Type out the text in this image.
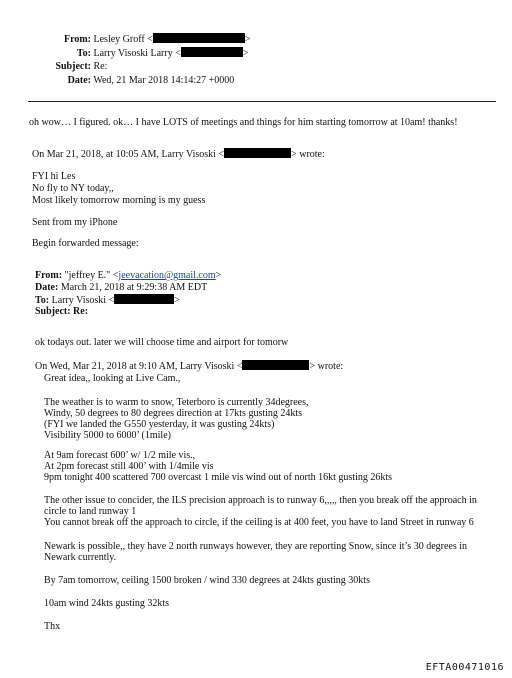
From: Lesley Groff <	>
To: Larry Visoski Larry <	>
Subject: Re:
Date: Wed, 21 Mar 2018 14:14:27 +0000
oh wow… I figured. ok… I have LOTS of meetings and things for him starting tomorrow at 10am! thanks!
On Mar 21, 2018, at 10:05 AM, Larry Visoski <	> wrote:
FYI hi Les
No fly to NY today,,
Most likely tomorrow morning is my guess
Sent from my iPhone
Begin forwarded message:
From: "jeffrey E." <jeevacation@gmail.com>
Date: March 21, 2018 at 9:29:38 AM EDT
To: Larry Visoski <	>
Subject: Re:
ok todays out. later we will choose time and airport for tomorw
On Wed, Mar 21, 2018 at 9:10 AM, Larry Visoski <	> wrote:
Great idea,, looking at Live Cam.,
The weather is to warm to snow, Teterboro is currently 34degrees,
Windy, 50 degrees to 80 degrees direction at 17kts gusting 24kts
(FYI we landed the G550 yesterday, it was gusting 24kts)
Visibility 5000 to 6000’ (1mile)
At 9am forecast 600’ w/ 1/2 mile vis.,
At 2pm forecast still 400’ with 1/4mile vis
9pm tonight 400 scattered 700 overcast 1 mile vis wind out of north 16kt gusting 26kts
The other issue to concider, the ILS precision approach is to runway 6,,,,, then you break off the approach in
circle to land runway 1
You cannot break off the approach to circle, if the ceiling is at 400 feet, you have to land Street in runway 6
Newark is possible,, they have 2 north runways however, they are reporting Snow, since it’s 30 degrees in
Newark currently.
By 7am tomorrow, ceiling 1500 broken / wind 330 degrees at 24kts gusting 30kts
10am wind 24kts gusting 32kts
Thx
EFTA00471016
